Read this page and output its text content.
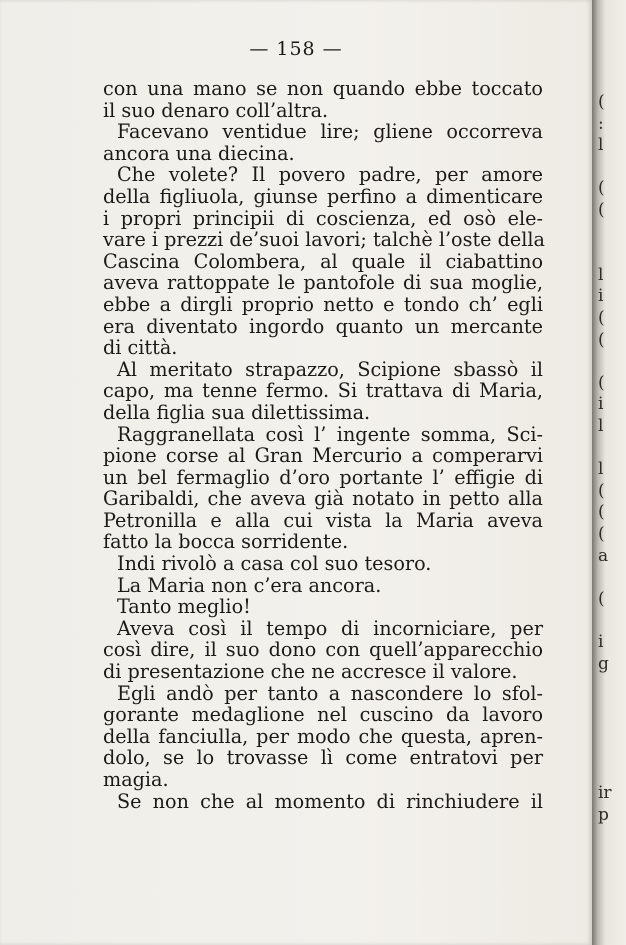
— 158 —
con una mano se non quando ebbe toccato
il suo denaro coll’altra.
Facevano ventidue lire; gliene occorreva
ancora una diecina.
Che volete? Il povero padre, per amore
della figliuola, giunse perfino a dimenticare
i propri principii di coscienza, ed osò ele-
vare i prezzi de’suoi lavori; talchè l’oste della
Cascina Colombera, al quale il ciabattino
aveva rattoppate le pantofole di sua moglie,
ebbe a dirgli proprio netto e tondo ch’ egli
era diventato ingordo quanto un mercante
di città.
Al meritato strapazzo, Scipione sbassò il
capo, ma tenne fermo. Si trattava di Maria,
della figlia sua dilettissima.
Raggranellata così l’ ingente somma, Sci-
pione corse al Gran Mercurio a comperarvi
un bel fermaglio d’oro portante l’ effigie di
Garibaldi, che aveva già notato in petto alla
Petronilla e alla cui vista la Maria aveva
fatto la bocca sorridente.
Indi rivolò a casa col suo tesoro.
La Maria non c’era ancora.
Tanto meglio!
Aveva così il tempo di incorniciare, per
così dire, il suo dono con quell’apparecchio
di presentazione che ne accresce il valore.
Egli andò per tanto a nascondere lo sfol-
gorante medaglione nel cuscino da lavoro
della fanciulla, per modo che questa, apren-
dolo, se lo trovasse lì come entratovi per
magia.
Se non che al momento di rinchiudere il
(
:
l
(
(
l
i
(
(
(
i
l
l
(
(
(
a
(
i
g
ir
p
